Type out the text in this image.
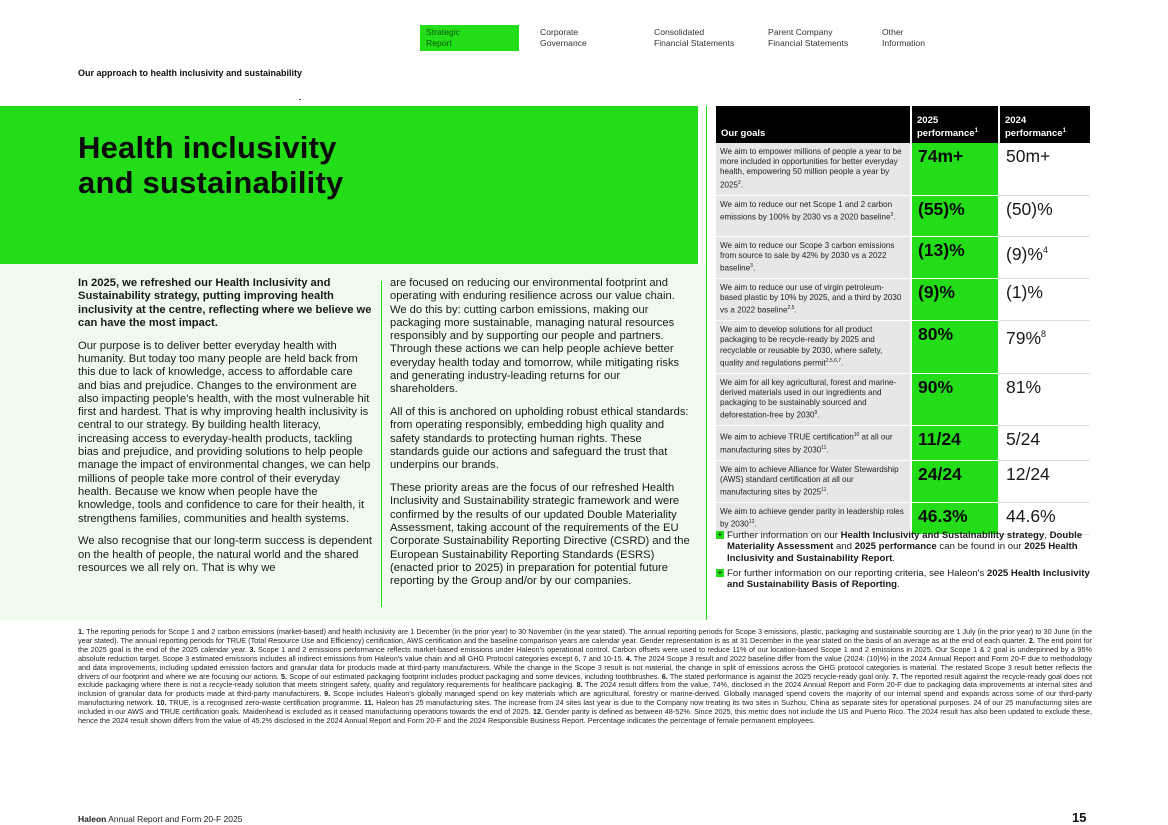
Strategic
Report
Corporate
Governance
Consolidated
Financial Statements
Parent Company
Financial Statements
Other
Information
Our approach to health inclusivity and sustainability
Health inclusivity
and sustainability

In 2025, we refreshed our Health Inclusivity and Sustainability strategy, putting improving health inclusivity at the centre, reflecting where we believe we can have the most impact.

Our purpose is to deliver better everyday health with humanity. But today too many people are held back from this due to lack of knowledge, access to affordable care and bias and prejudice. Changes to the environment are also impacting people's health, with the most vulnerable hit first and hardest. That is why improving health inclusivity is central to our strategy. By building health literacy, increasing access to everyday-health products, tackling bias and prejudice, and providing solutions to help people manage the impact of environmental changes, we can help millions of people take more control of their everyday health. Because we know when people have the knowledge, tools and confidence to care for their health, it strengthens families, communities and health systems.

We also recognise that our long-term success is dependent on the health of people, the natural world and the shared resources we all rely on. That is why we

are focused on reducing our environmental footprint and operating with enduring resilience across our value chain. We do this by: cutting carbon emissions, making our packaging more sustainable, managing natural resources responsibly and by supporting our people and partners. Through these actions we can help people achieve better everyday health today and tomorrow, while mitigating risks and generating industry-leading returns for our shareholders.

All of this is anchored on upholding robust ethical standards: from operating responsibly, embedding high quality and safety standards to protecting human rights. These standards guide our actions and safeguard the trust that underpins our brands.

These priority areas are the focus of our refreshed Health Inclusivity and Sustainability strategic framework and were confirmed by the results of our updated Double Materiality Assessment, taking account of the requirements of the EU Corporate Sustainability Reporting Directive (CSRD) and the European Sustainability Reporting Standards (ESRS) (enacted prior to 2025) in preparation for potential future reporting by the Group and/or by our companies.

Our goals	2025 performance$^1$	2024 performance$^1$
We aim to empower millions of people a year to be more included in opportunities for better everyday health, empowering 50 million people a year by 2025$^2$.	74m+	50m+
We aim to reduce our net Scope 1 and 2 carbon emissions by 100% by 2030 vs a 2020 baseline$^3$.	(55)%	(50)%
We aim to reduce our Scope 3 carbon emissions from source to sale by 42% by 2030 vs a 2022 baseline$^3$.	(13)%	(9)%$^4$
We aim to reduce our use of virgin petroleum-based plastic by 10% by 2025, and a third by 2030 vs a 2022 baseline$^{2,5}$.	(9)%	(1)%
We aim to develop solutions for all product packaging to be recycle-ready by 2025 and recyclable or reusable by 2030, where safety, quality and regulations permit$^{2,5,6,7}$.	80%	79%$^8$
We aim for all key agricultural, forest and marine-derived materials used in our ingredients and packaging to be sustainably sourced and deforestation-free by 2030$^9$.	90%	81%
We aim to achieve TRUE certification$^{10}$ at all our manufacturing sites by 2030$^{11}$.	11/24	5/24
We aim to achieve Alliance for Water Stewardship (AWS) standard certification at all our manufacturing sites by 2025$^{11}$.	24/24	12/24
We aim to achieve gender parity in leadership roles by 2030$^{12}$.	46.3%	44.6%
+ Further information on our Health Inclusivity and Sustainability strategy, Double Materiality Assessment and 2025 performance can be found in our 2025 Health Inclusivity and Sustainability Report.
+ For further information on our reporting criteria, see Haleon's 2025 Health Inclusivity and Sustainability Basis of Reporting.
1. The reporting periods for Scope 1 and 2 carbon emissions (market-based) and health inclusivity are 1 December (in the prior year) to 30 November (in the year stated). The annual reporting periods for Scope 3 emissions, plastic, packaging and sustainable sourcing are 1 July (in the prior year) to 30 June (in the year stated). The annual reporting periods for TRUE (Total Resource Use and Efficiency) certification, AWS certification and the baseline comparison years are calendar year. Gender representation is as at 31 December in the year stated on the basis of an average as at the end of each quarter. 2. The end point for the 2025 goal is the end of the 2025 calendar year. 3. Scope 1 and 2 emissions performance reflects market-based emissions under Haleon's operational control. Carbon offsets were used to reduce 11% of our location-based Scope 1 and 2 emissions in 2025. Our Scope 1 & 2 goal is underpinned by a 95% absolute reduction target. Scope 3 estimated emissions includes all indirect emissions from Haleon's value chain and all GHG Protocol categories except 6, 7 and 10-15. 4. The 2024 Scope 3 result and 2022 baseline differ from the value (2024: (10)%) in the 2024 Annual Report and Form 20-F due to methodology and data improvements, including updated emission factors and granular data for products made at third-party manufacturers. While the change in the Scope 3 result is not material, the change in split of emissions across the GHG protocol categories is material. The restated Scope 3 result better reflects the drivers of our footprint and where we are focusing our actions. 5. Scope of our estimated packaging footprint includes product packaging and some devices, including toothbrushes. 6. The stated performance is against the 2025 recycle-ready goal only. 7. The reported result against the recycle-ready goal does not exclude packaging where there is not a recycle-ready solution that meets stringent safety, quality and regulatory requirements for healthcare packaging. 8. The 2024 result differs from the value, 74%, disclosed in the 2024 Annual Report and Form 20-F due to packaging data improvements at internal sites and inclusion of granular data for products made at third-party manufacturers. 9. Scope includes Haleon's globally managed spend on key materials which are agricultural, forestry or marine-derived. Globally managed spend covers the majority of our internal spend and expands across some of our third-party manufacturing network. 10. TRUE, is a recognised zero-waste certification programme. 11. Haleon has 25 manufacturing sites. The increase from 24 sites last year is due to the Company now treating its two sites in Suzhou, China as separate sites for operational purposes. 24 of our 25 manufacturing sites are included in our AWS and TRUE certification goals. Maidenhead is excluded as it ceased manufacturing operations towards the end of 2025. 12. Gender parity is defined as between 48-52%. Since 2025, this metric does not include the US and Puerto Rico. The 2024 result has also been updated to exclude these, hence the 2024 result shown differs from the value of 45.2% disclosed in the 2024 Annual Report and Form 20-F and the 2024 Responsible Business Report. Percentage indicates the percentage of female permanent employees.
Haleon Annual Report and Form 20-F 2025	15
